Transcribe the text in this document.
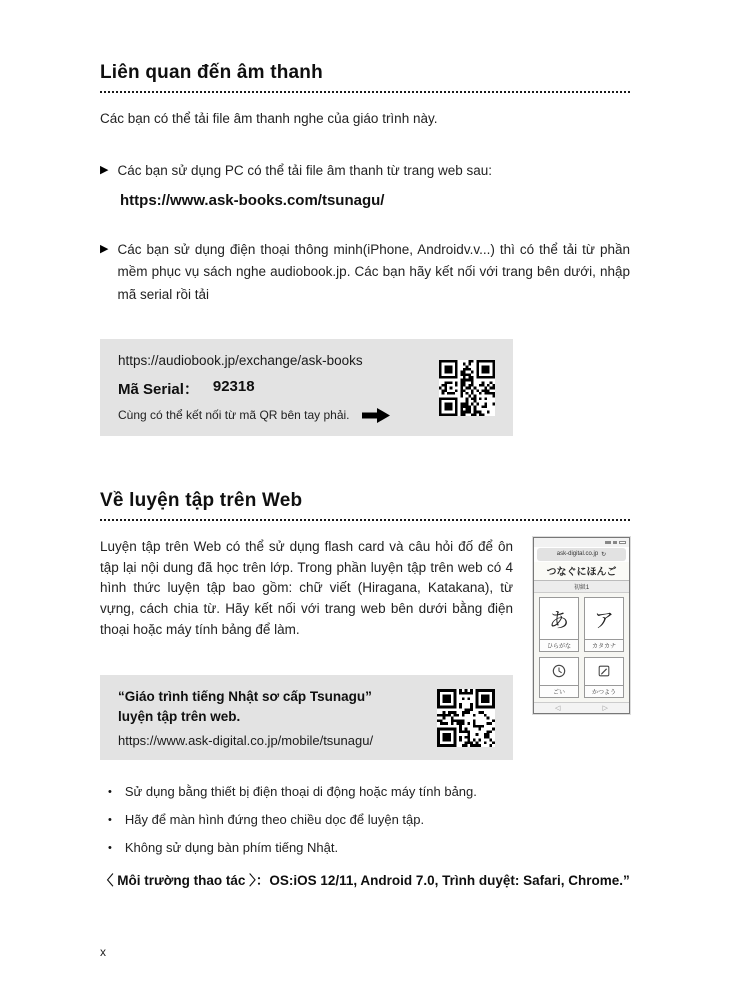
Liên quan đến âm thanh

Các bạn có thể tải file âm thanh nghe của giáo trình này.

▶ Các bạn sử dụng PC có thể tải file âm thanh từ trang web sau:
https://www.ask-books.com/tsunagu/
▶ Các bạn sử dụng điện thoại thông minh(iPhone, Androidv.v...) thì có thể tải từ phần mềm phục vụ sách nghe audiobook.jp. Các bạn hãy kết nối với trang bên dưới, nhập mã serial rồi tải
https://audiobook.jp/exchange/ask-books
Mã Serial： 92318
Cùng có thể kết nối từ mã QR bên tay phải.
Về luyện tập trên Web

Luyện tập trên Web có thể sử dụng flash card và câu hỏi đố để ôn tập lại nội dung đã học trên lớp. Trong phần luyện tập trên web có 4 hình thức luyện tập bao gồm: chữ viết (Hiragana, Katakana), từ vựng, cách chia từ. Hãy kết nối với trang web bên dưới bằng điện thoại hoặc máy tính bảng để làm.

“Giáo trình tiếng Nhật sơ cấp Tsunagu”
luyện tập trên web.
https://www.ask-digital.co.jp/mobile/tsunagu/
ask-digital.co.jp ↻
つなぐにほんご
初級1
あ
ひらがな
ア
カタカナ
ごい	かつよう
◁	▷
• Sử dụng bằng thiết bị điện thoại di động hoặc máy tính bảng.
• Hãy để màn hình đứng theo chiều dọc để luyện tập.
• Không sử dụng bàn phím tiếng Nhật.

〈 Môi trường thao tác 〉：OS:iOS 12/11, Android 7.0, Trình duyệt: Safari, Chrome.”

x
